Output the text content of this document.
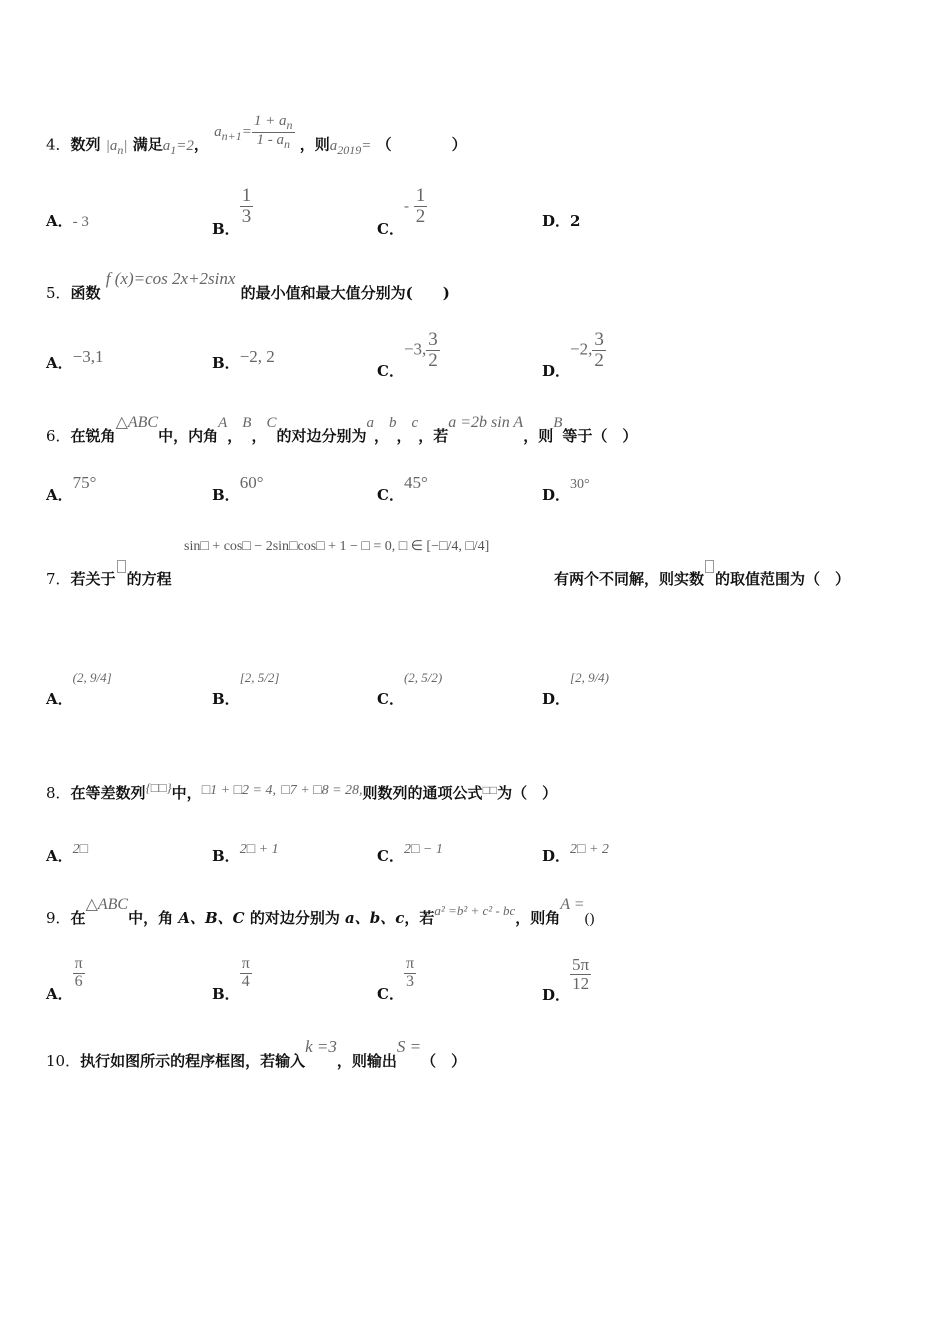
4．数列 $|a_n|$ 满足$a_1=2$， $a_{n+1}= \frac{1 + a_n}{1 - a_n}$ ，则$a_{2019}=$ （　　　　）
A．- 3	B．
$\frac{1}{3}$
C．- $\frac{1}{2}$	D．2
5．函数 f (x)=cos 2x+2sinx 的最小值和最大值分别为(　　)
A．−3,1	B．−2, 2
C．−3, $\frac{3}{2}$
D．−2, $\frac{3}{2}$
6．在锐角△ABC中，内角A，B，C的对边分别为a，b，c，若a =2b sin A，则B等于（　）
A．75°
B．60°
C．45°
D．30°
7．若关于 的方程
sin□ + cos□ − 2sin□cos□ + 1 − □ = 0, □ ∈ [−□/4, □/4]
有两个不同解，则实数 的取值范围为（　）
A．(2, 9/4]
B．[2, 5/2]
C．(2, 5/2)
D．[2, 9/4)
8．在等差数列{□□}中，□1 + □2 = 4, □7 + □8 = 28,则数列的通项公式□□为（　）
A．2□	B．2□ + 1	C．2□ − 1	D．2□ + 2
9．在△ABC中，角 A、B、C 的对边分别为 a、b、c，若a² =b² + c² - bc，则角A =()
A．
$\frac{\pi}{6}$
B．
$\frac{\pi}{4}$
C．
$\frac{\pi}{3}$
D．
$\frac{5\pi}{12}$
10．执行如图所示的程序框图，若输入k =3，则输出S =（　）
